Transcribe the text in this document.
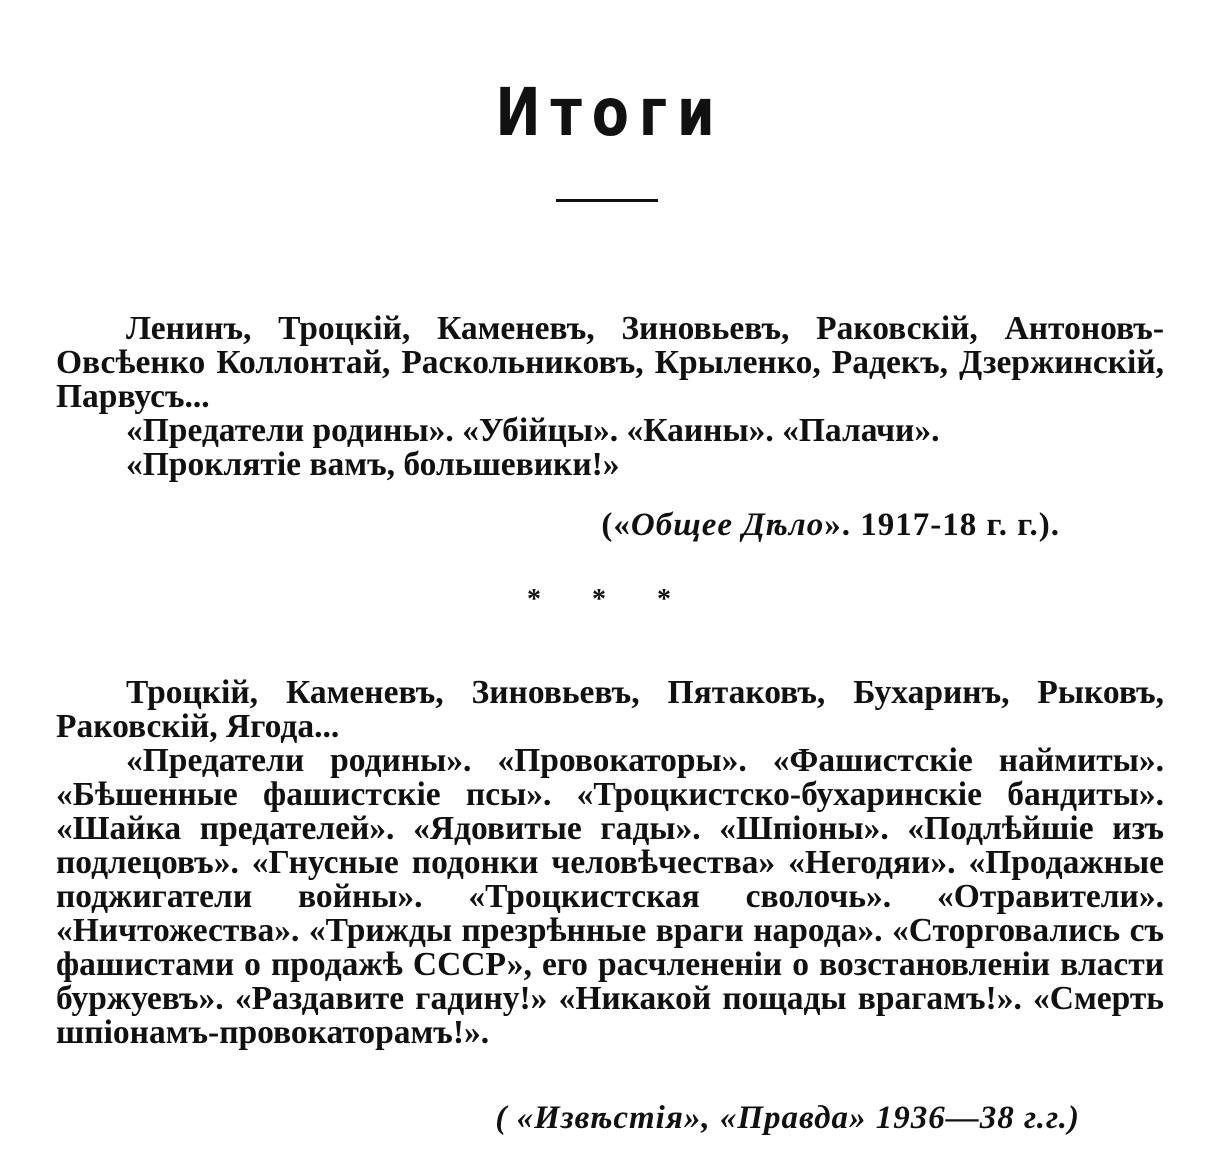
Итоги

Ленинъ, Троцкій, Каменевъ, Зиновьевъ, Раковскій, Антоновъ-Овсѣенко Коллонтай, Раскольниковъ, Крыленко, Радекъ, Дзержинскій, Парвусъ...

«Предатели родины». «Убійцы». «Каины». «Палачи».

«Проклятіе вамъ, большевики!»

(«Общее Дѣло». 1917-18 г. г.).
* * *

Троцкій, Каменевъ, Зиновьевъ, Пятаковъ, Бухаринъ, Рыковъ, Раковскій, Ягода...

«Предатели родины». «Провокаторы». «Фашистскіе наймиты». «Бѣшенные фашистскіе псы». «Троцкистско-бухаринскіе бандиты». «Шайка предателей». «Ядовитые гады». «Шпіоны». «Подлѣйшіе изъ подлецовъ». «Гнусные подонки человѣчества» «Негодяи». «Продажные поджигатели войны». «Троцкистская сволочь». «Отравители». «Ничтожества». «Трижды презрѣнные враги народа». «Сторговались съ фашистами о продажѣ СССР», его расчлененіи о возстановленіи власти буржуевъ». «Раздавите гадину!» «Никакой пощады врагамъ!». «Смерть шпіонамъ-провокаторамъ!».

( «Извѣстія», «Правда» 1936—38 г.г.)
